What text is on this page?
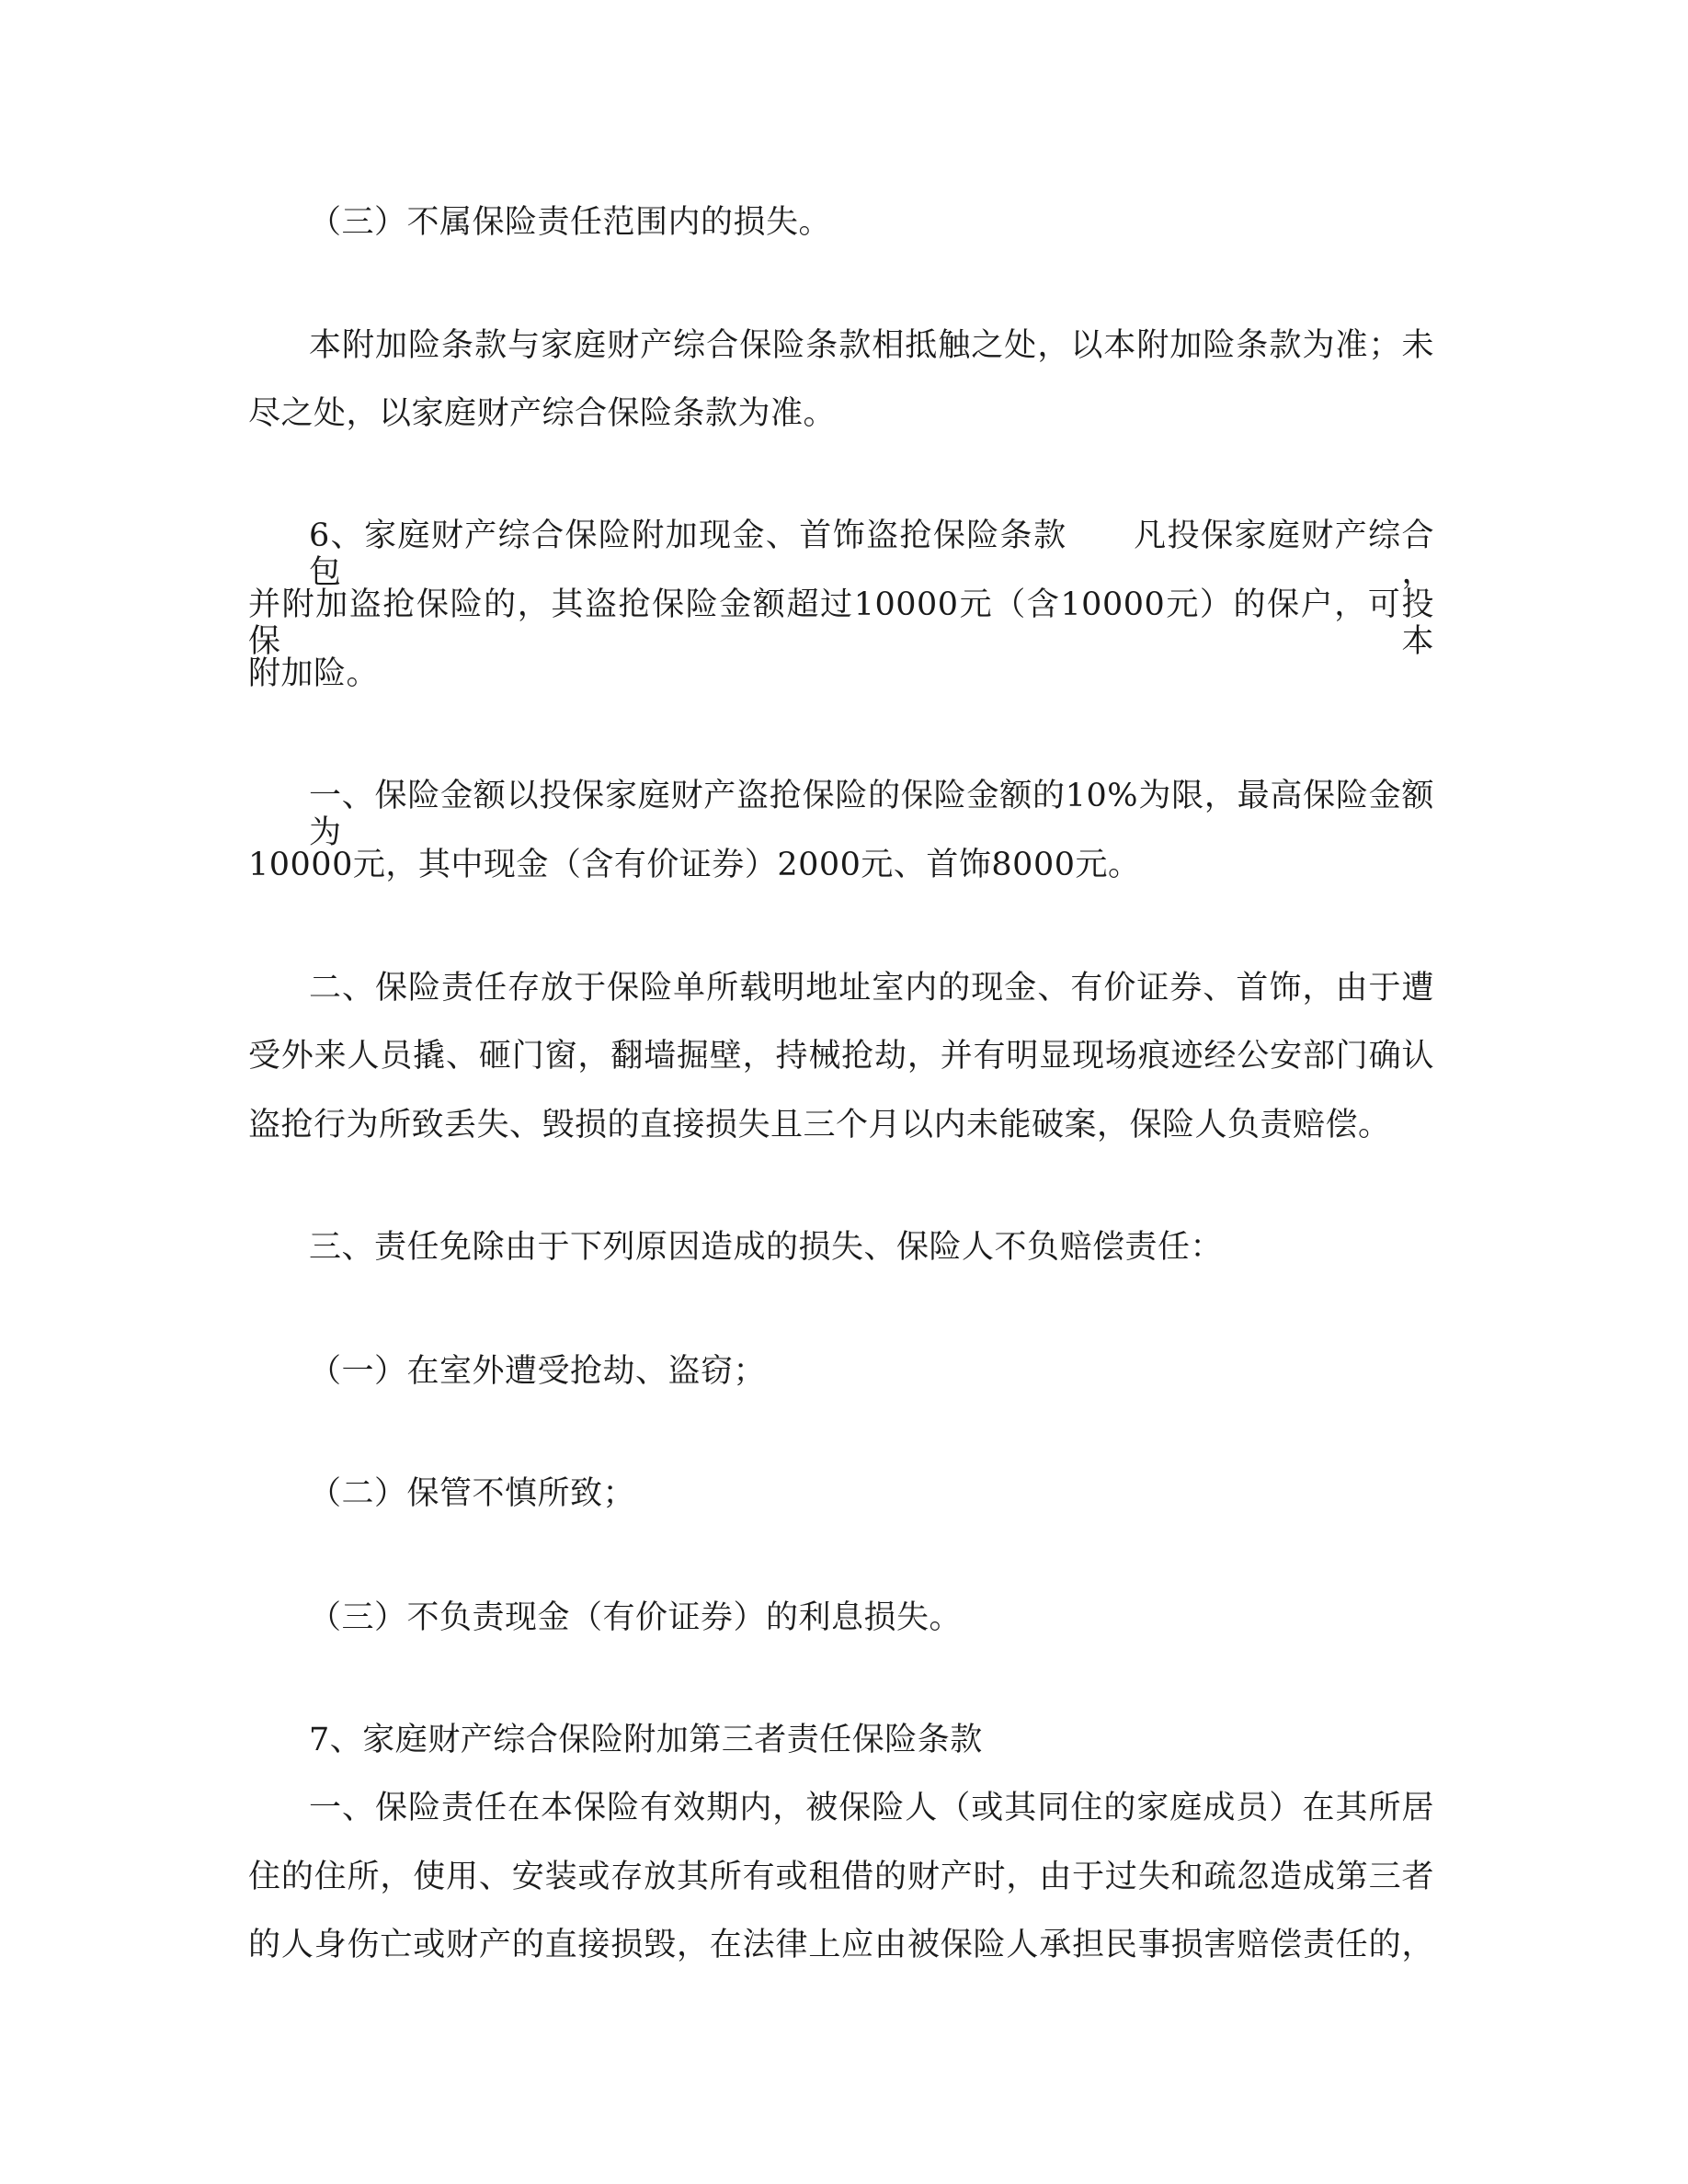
（三）不属保险责任范围内的损失。
本附加险条款与家庭财产综合保险条款相抵触之处，以本附加险条款为准；未
尽之处，以家庭财产综合保险条款为准。
6、家庭财产综合保险附加现金、首饰盗抢保险条款　　凡投保家庭财产综合包，
并附加盗抢保险的，其盗抢保险金额超过10000元（含10000元）的保户，可投保本
附加险。
一、保险金额以投保家庭财产盗抢保险的保险金额的10%为限，最高保险金额为
10000元，其中现金（含有价证券）2000元、首饰8000元。
二、保险责任存放于保险单所载明地址室内的现金、有价证券、首饰，由于遭
受外来人员撬、砸门窗，翻墙掘壁，持械抢劫，并有明显现场痕迹经公安部门确认
盗抢行为所致丢失、毁损的直接损失且三个月以内未能破案，保险人负责赔偿。
三、责任免除由于下列原因造成的损失、保险人不负赔偿责任：
（一）在室外遭受抢劫、盗窃；
（二）保管不慎所致；
（三）不负责现金（有价证券）的利息损失。
7、家庭财产综合保险附加第三者责任保险条款
一、保险责任在本保险有效期内，被保险人（或其同住的家庭成员）在其所居
住的住所，使用、安装或存放其所有或租借的财产时，由于过失和疏忽造成第三者
的人身伤亡或财产的直接损毁，在法律上应由被保险人承担民事损害赔偿责任的，
